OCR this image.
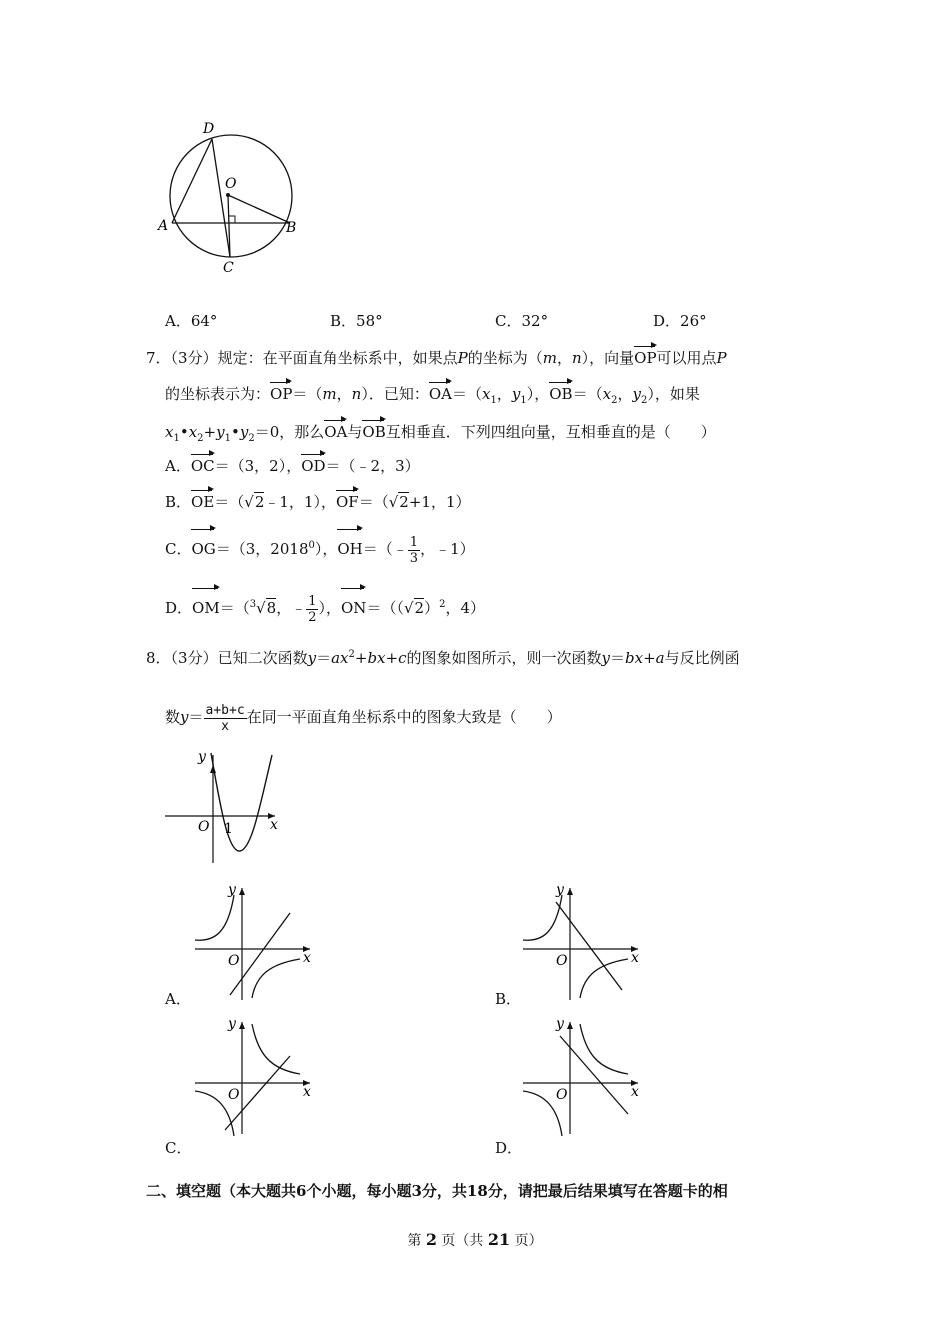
D
O
A	B
C
A．64°	B．58°	C．32°	D．26°
7．（3分）规定：在平面直角坐标系中，如果点P的坐标为（m，n），向量OP可以用点P
的坐标表示为：OP＝（m，n）．已知：$OA=(x_1$，$y_1$），$OB=(x_2$，$y_2$），如果
$x_1•x_2+y_1•y_2=0$，那么OA与OB互相垂直．下列四组向量，互相垂直的是（　　）
A．OC＝（3，2），OD＝（﹣2，3）
B．OE＝（√2﹣1，1），OF＝（√2+1，1）
C．OG＝（3，2018$^0$），OH＝（﹣ $\frac{1}{3}$ ，﹣1）
D．OM＝（$^3$√8，﹣ $\frac{1}{2}$ ），$ON=((√2)^2$，4）
8．（3分）已知二次函数$y=ax^2+bx+c$的图象如图所示，则一次函数y＝bx+a与反比例函
数$y= \frac{a+b+c}{x}$ 在同一平面直角坐标系中的图象大致是（　　）
y
O 1	x
y
O	x
y
O	x
y
O	x
y
O	x
A．	B．
C．	D．
二、填空题（本大题共6个小题，每小题3分，共18分，请把最后结果填写在答题卡的相
第 2 页（共 21 页）
